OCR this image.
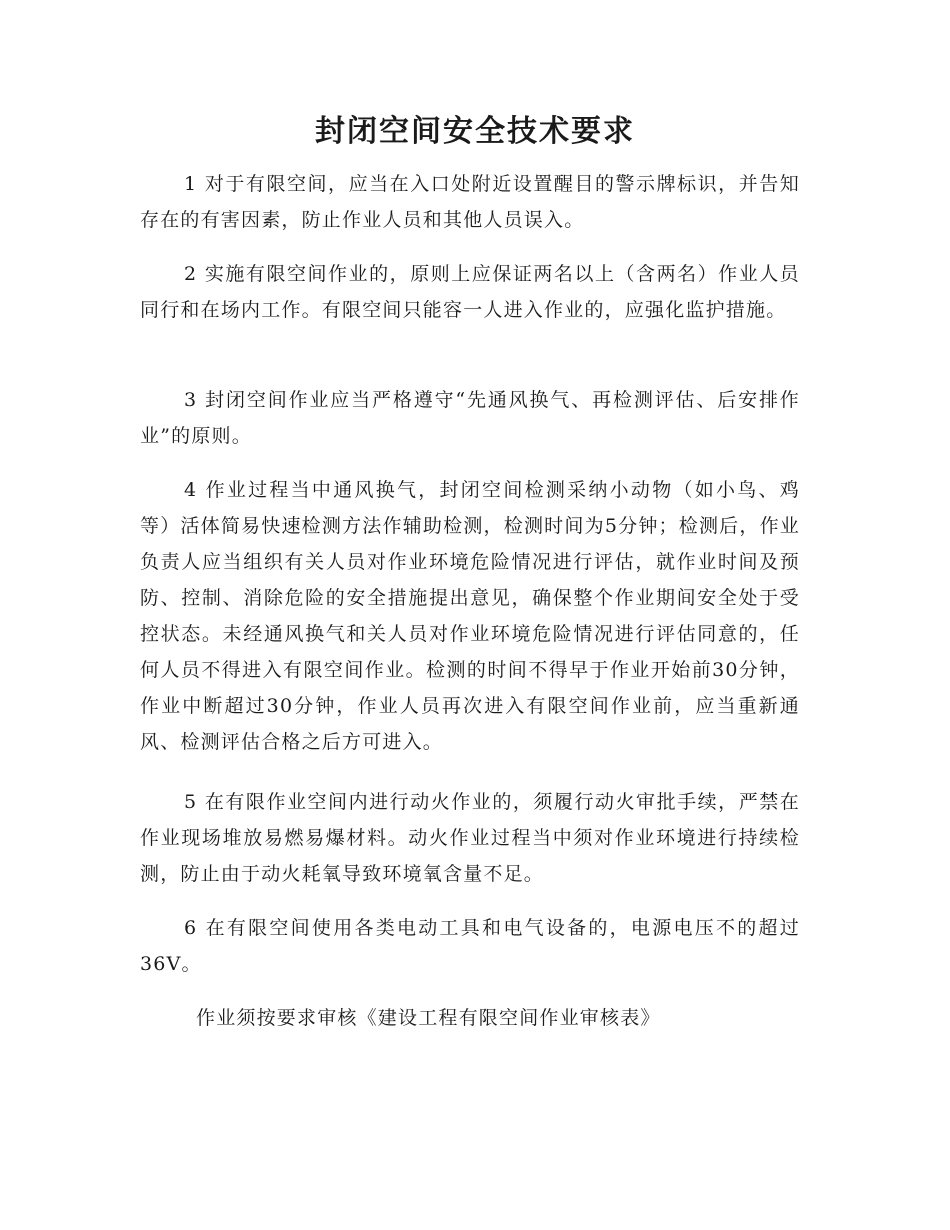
封闭空间安全技术要求

1 对于有限空间，应当在入口处附近设置醒目的警示牌标识，并告知存在的有害因素，防止作业人员和其他人员误入。

2 实施有限空间作业的，原则上应保证两名以上（含两名）作业人员同行和在场内工作。有限空间只能容一人进入作业的，应强化监护措施。

3 封闭空间作业应当严格遵守“先通风换气、再检测评估、后安排作业”的原则。

4 作业过程当中通风换气，封闭空间检测采纳小动物（如小鸟、鸡等）活体简易快速检测方法作辅助检测，检测时间为5分钟；检测后，作业负责人应当组织有关人员对作业环境危险情况进行评估，就作业时间及预防、控制、消除危险的安全措施提出意见，确保整个作业期间安全处于受控状态。未经通风换气和关人员对作业环境危险情况进行评估同意的，任何人员不得进入有限空间作业。检测的时间不得早于作业开始前30分钟，作业中断超过30分钟，作业人员再次进入有限空间作业前，应当重新通风、检测评估合格之后方可进入。

5 在有限作业空间内进行动火作业的，须履行动火审批手续，严禁在作业现场堆放易燃易爆材料。动火作业过程当中须对作业环境进行持续检测，防止由于动火耗氧导致环境氧含量不足。

6 在有限空间使用各类电动工具和电气设备的，电源电压不的超过36V。

作业须按要求审核《建设工程有限空间作业审核表》
